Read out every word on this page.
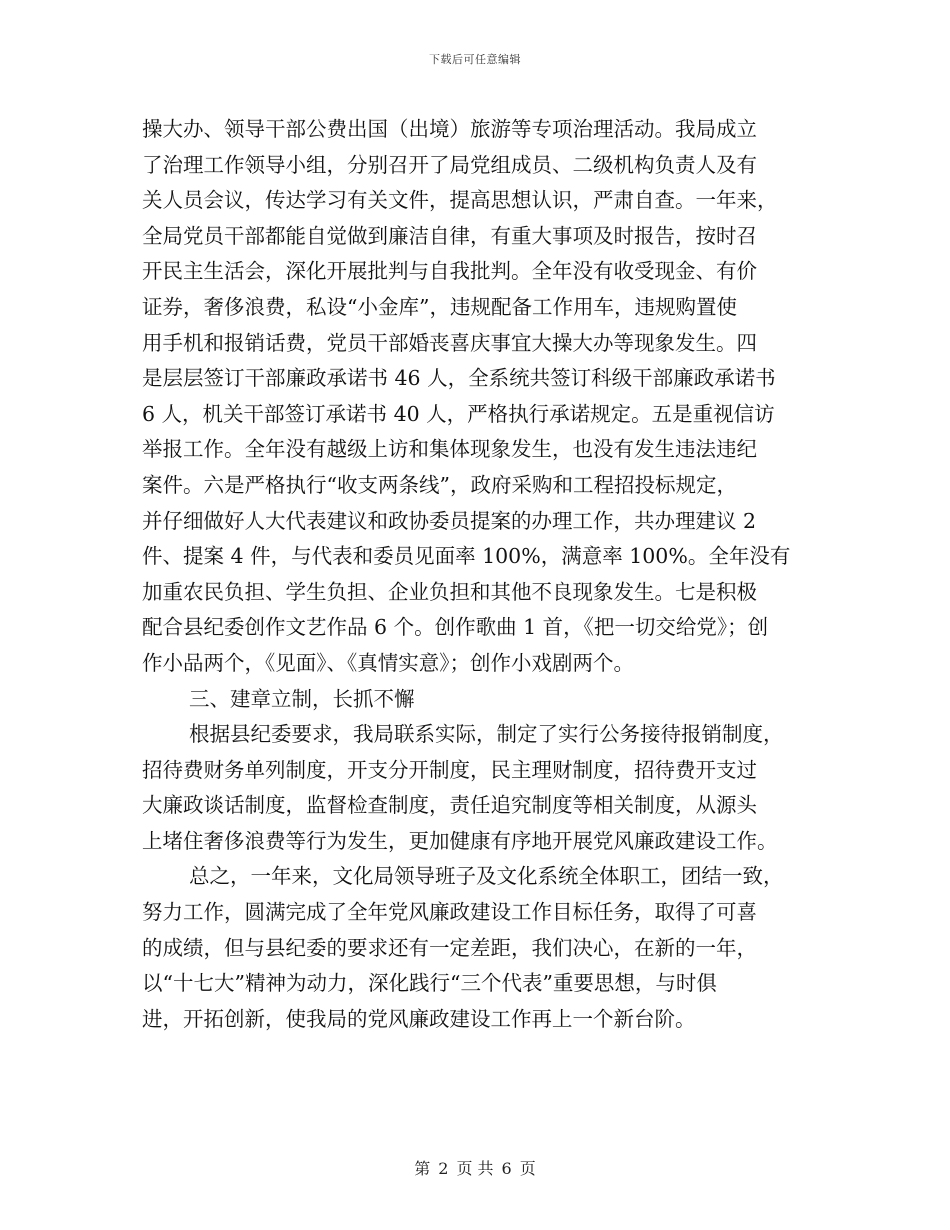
下载后可任意编辑
操大办、领导干部公费出国（出境）旅游等专项治理活动。我局成立
了治理工作领导小组，分别召开了局党组成员、二级机构负责人及有
关人员会议，传达学习有关文件，提高思想认识，严肃自查。一年来，
全局党员干部都能自觉做到廉洁自律，有重大事项及时报告，按时召
开民主生活会，深化开展批判与自我批判。全年没有收受现金、有价
证券，奢侈浪费，私设“小金库”，违规配备工作用车，违规购置使
用手机和报销话费，党员干部婚丧喜庆事宜大操大办等现象发生。四
是层层签订干部廉政承诺书 46 人，全系统共签订科级干部廉政承诺书
6 人，机关干部签订承诺书 40 人，严格执行承诺规定。五是重视信访
举报工作。全年没有越级上访和集体现象发生，也没有发生违法违纪
案件。六是严格执行“收支两条线”，政府采购和工程招投标规定，
并仔细做好人大代表建议和政协委员提案的办理工作，共办理建议 2
件、提案 4 件，与代表和委员见面率 100%，满意率 100%。全年没有
加重农民负担、学生负担、企业负担和其他不良现象发生。七是积极
配合县纪委创作文艺作品 6 个。创作歌曲 1 首，《把一切交给党》；创
作小品两个，《见面》、《真情实意》；创作小戏剧两个。
三、建章立制，长抓不懈
根据县纪委要求，我局联系实际，制定了实行公务接待报销制度，
招待费财务单列制度，开支分开制度，民主理财制度，招待费开支过
大廉政谈话制度，监督检查制度，责任追究制度等相关制度，从源头
上堵住奢侈浪费等行为发生，更加健康有序地开展党风廉政建设工作。
总之，一年来，文化局领导班子及文化系统全体职工，团结一致，
努力工作，圆满完成了全年党风廉政建设工作目标任务，取得了可喜
的成绩，但与县纪委的要求还有一定差距，我们决心，在新的一年，
以“十七大”精神为动力，深化践行“三个代表”重要思想，与时俱
进，开拓创新，使我局的党风廉政建设工作再上一个新台阶。
第 2 页 共 6 页
